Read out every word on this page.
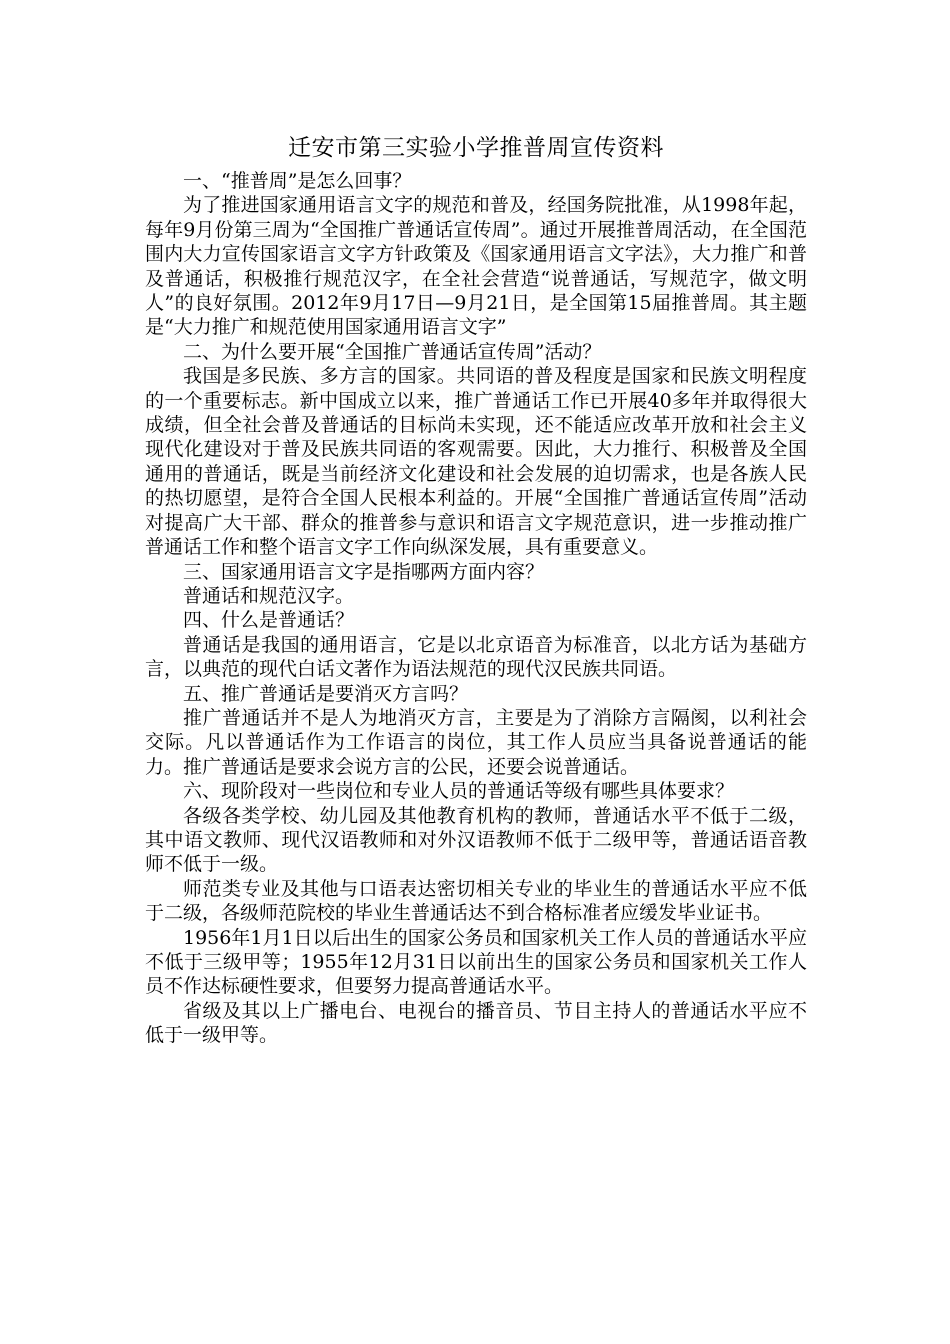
迁安市第三实验小学推普周宣传资料

一、“推普周”是怎么回事？

为了推进国家通用语言文字的规范和普及，经国务院批准，从1998年起，每年9月份第三周为“全国推广普通话宣传周”。通过开展推普周活动，在全国范围内大力宣传国家语言文字方针政策及《国家通用语言文字法》，大力推广和普及普通话，积极推行规范汉字，在全社会营造“说普通话，写规范字，做文明人”的良好氛围。2012年9月17日—9月21日，是全国第15届推普周。其主题是“大力推广和规范使用国家通用语言文字”

二、为什么要开展“全国推广普通话宣传周”活动？

我国是多民族、多方言的国家。共同语的普及程度是国家和民族文明程度的一个重要标志。新中国成立以来，推广普通话工作已开展40多年并取得很大成绩，但全社会普及普通话的目标尚未实现，还不能适应改革开放和社会主义现代化建设对于普及民族共同语的客观需要。因此，大力推行、积极普及全国通用的普通话，既是当前经济文化建设和社会发展的迫切需求，也是各族人民的热切愿望，是符合全国人民根本利益的。开展“全国推广普通话宣传周”活动对提高广大干部、群众的推普参与意识和语言文字规范意识，进一步推动推广普通话工作和整个语言文字工作向纵深发展，具有重要意义。

三、国家通用语言文字是指哪两方面内容？

普通话和规范汉字。

四、什么是普通话？

普通话是我国的通用语言，它是以北京语音为标准音，以北方话为基础方言，以典范的现代白话文著作为语法规范的现代汉民族共同语。

五、推广普通话是要消灭方言吗？

推广普通话并不是人为地消灭方言，主要是为了消除方言隔阂，以利社会交际。凡以普通话作为工作语言的岗位，其工作人员应当具备说普通话的能力。推广普通话是要求会说方言的公民，还要会说普通话。

六、现阶段对一些岗位和专业人员的普通话等级有哪些具体要求？

各级各类学校、幼儿园及其他教育机构的教师，普通话水平不低于二级，其中语文教师、现代汉语教师和对外汉语教师不低于二级甲等，普通话语音教师不低于一级。

师范类专业及其他与口语表达密切相关专业的毕业生的普通话水平应不低于二级，各级师范院校的毕业生普通话达不到合格标准者应缓发毕业证书。

1956年1月1日以后出生的国家公务员和国家机关工作人员的普通话水平应不低于三级甲等；1955年12月31日以前出生的国家公务员和国家机关工作人员不作达标硬性要求，但要努力提高普通话水平。

省级及其以上广播电台、电视台的播音员、节目主持人的普通话水平应不低于一级甲等。
